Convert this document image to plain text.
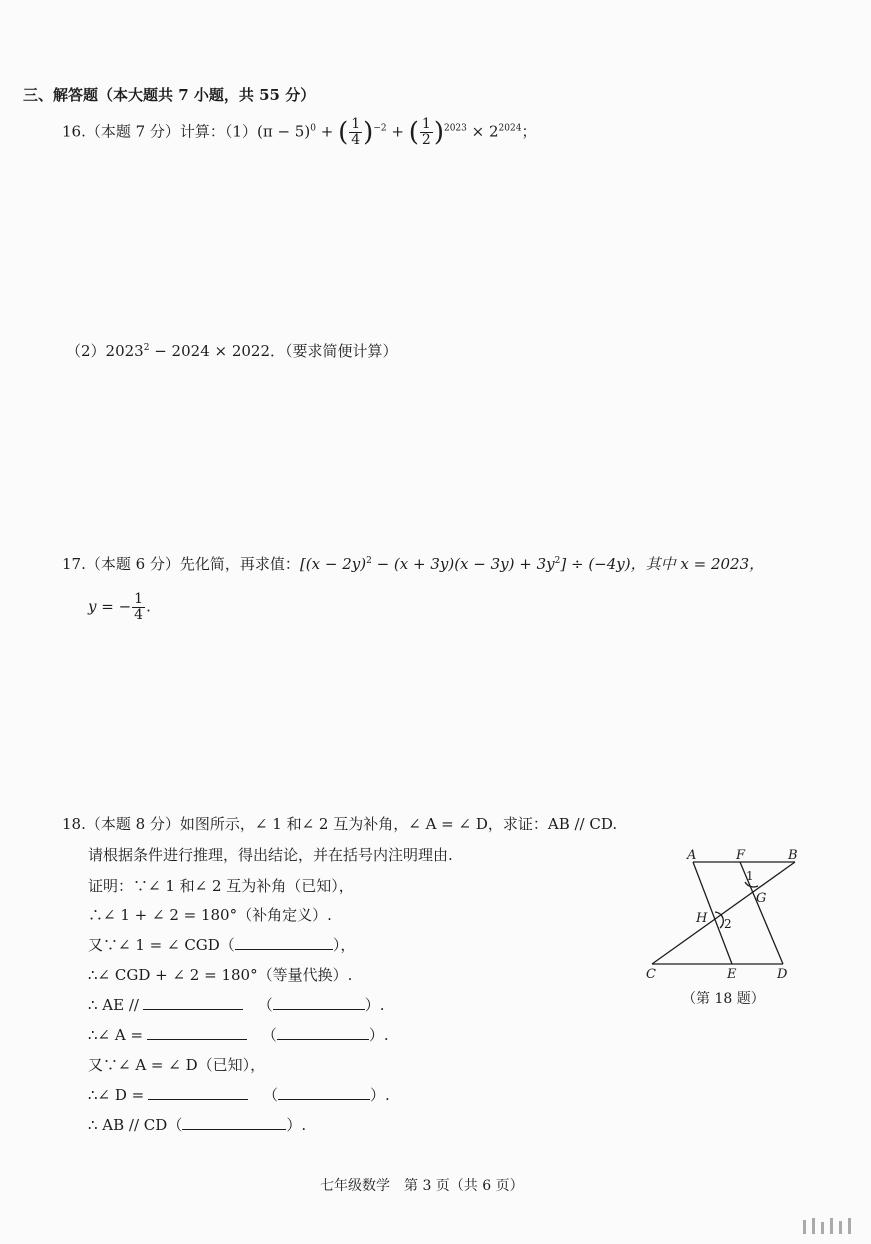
三、解答题（本大题共 7 小题，共 55 分）
16.（本题 7 分）计算：$(1)(\pi - 5)^0$ + ( $\frac{1}{4} )^{-2}$ + ( $\frac{1}{2} )^{2023} \times 2^{2024}$；
$(2)2023^2 - 2024 \times 2022$．（要求简便计算）
17.（本题 6 分）先化简，再求值：$[(x - 2y)^2 - (x + 3y)(x - 3y) + 3y^2] \div (-4y)$，其中 x = 2023，
y = − $\frac{1}{4}$ .
18.（本题 8 分）如图所示，∠ 1 和∠ 2 互为补角，∠ A = ∠ D，求证：AB // CD.
请根据条件进行推理，得出结论，并在括号内注明理由.
证明：∵∠ 1 和∠ 2 互为补角（已知），
∴∠ 1 + ∠ 2 = 180°（补角定义）.
又∵∠ 1 = ∠ CGD（	），
∴∠ CGD + ∠ 2 = 180°（等量代换）.
∴ AE //	（	）.
∴∠ A =	（	）.
又∵∠ A = ∠ D（已知），
∴∠ D =	（	）.
∴ AB // CD（	）.
A	F	B
G
H
C	E	D
1
2
（第 18 题）
七年级数学　第 3 页（共 6 页）
